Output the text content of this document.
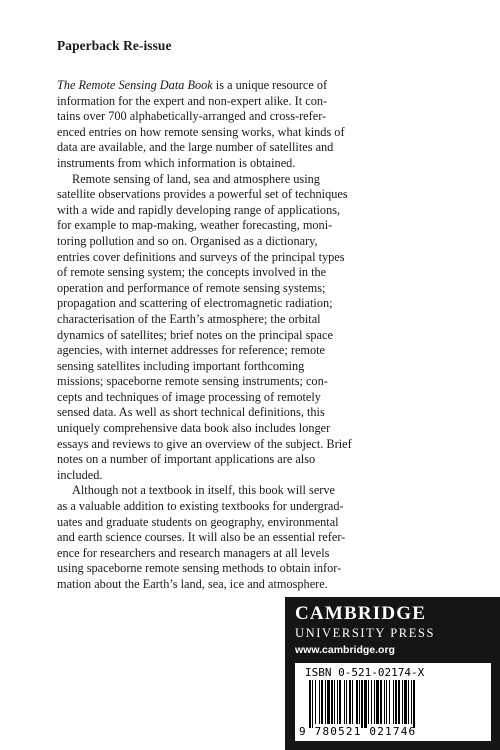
Paperback Re-issue
The Remote Sensing Data Book is a unique resource of
information for the expert and non-expert alike. It con-
tains over 700 alphabetically-arranged and cross-refer-
enced entries on how remote sensing works, what kinds of
data are available, and the large number of satellites and
instruments from which information is obtained.
Remote sensing of land, sea and atmosphere using
satellite observations provides a powerful set of techniques
with a wide and rapidly developing range of applications,
for example to map-making, weather forecasting, moni-
toring pollution and so on. Organised as a dictionary,
entries cover definitions and surveys of the principal types
of remote sensing system; the concepts involved in the
operation and performance of remote sensing systems;
propagation and scattering of electromagnetic radiation;
characterisation of the Earth’s atmosphere; the orbital
dynamics of satellites; brief notes on the principal space
agencies, with internet addresses for reference; remote
sensing satellites including important forthcoming
missions; spaceborne remote sensing instruments; con-
cepts and techniques of image processing of remotely
sensed data. As well as short technical definitions, this
uniquely comprehensive data book also includes longer
essays and reviews to give an overview of the subject. Brief
notes on a number of important applications are also
included.
Although not a textbook in itself, this book will serve
as a valuable addition to existing textbooks for undergrad-
uates and graduate students on geography, environmental
and earth science courses. It will also be an essential refer-
ence for researchers and research managers at all levels
using spaceborne remote sensing methods to obtain infor-
mation about the Earth’s land, sea, ice and atmosphere.
CAMBRIDGE
UNIVERSITY PRESS
www.cambridge.org
ISBN 0-521-02174-X
9 780521 021746
